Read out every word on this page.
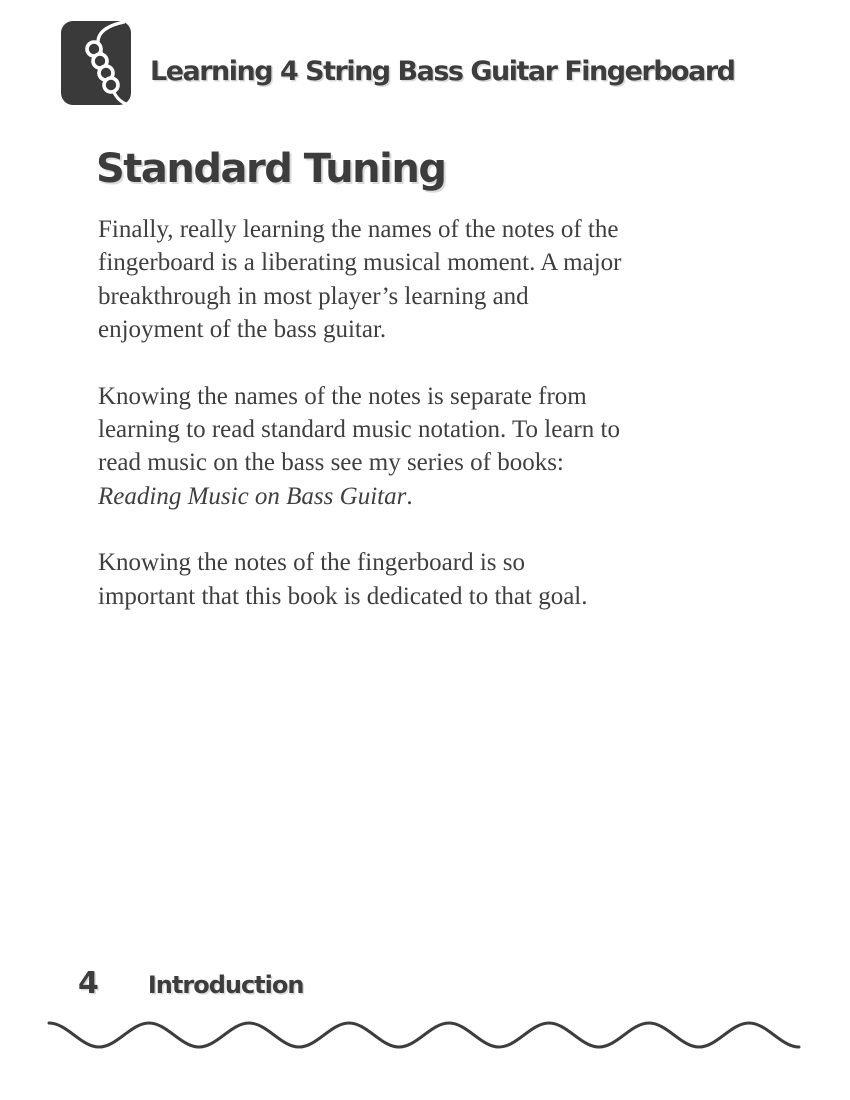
Learning 4 String Bass Guitar Fingerboard
Standard Tuning

Finally, really learning the names of the notes of the
fingerboard is a liberating musical moment. A major
breakthrough in most player’s learning and
enjoyment of the bass guitar.

Knowing the names of the notes is separate from
learning to read standard music notation. To learn to
read music on the bass see my series of books:
Reading Music on Bass Guitar.

Knowing the notes of the fingerboard is so
important that this book is dedicated to that goal.

4 Introduction
